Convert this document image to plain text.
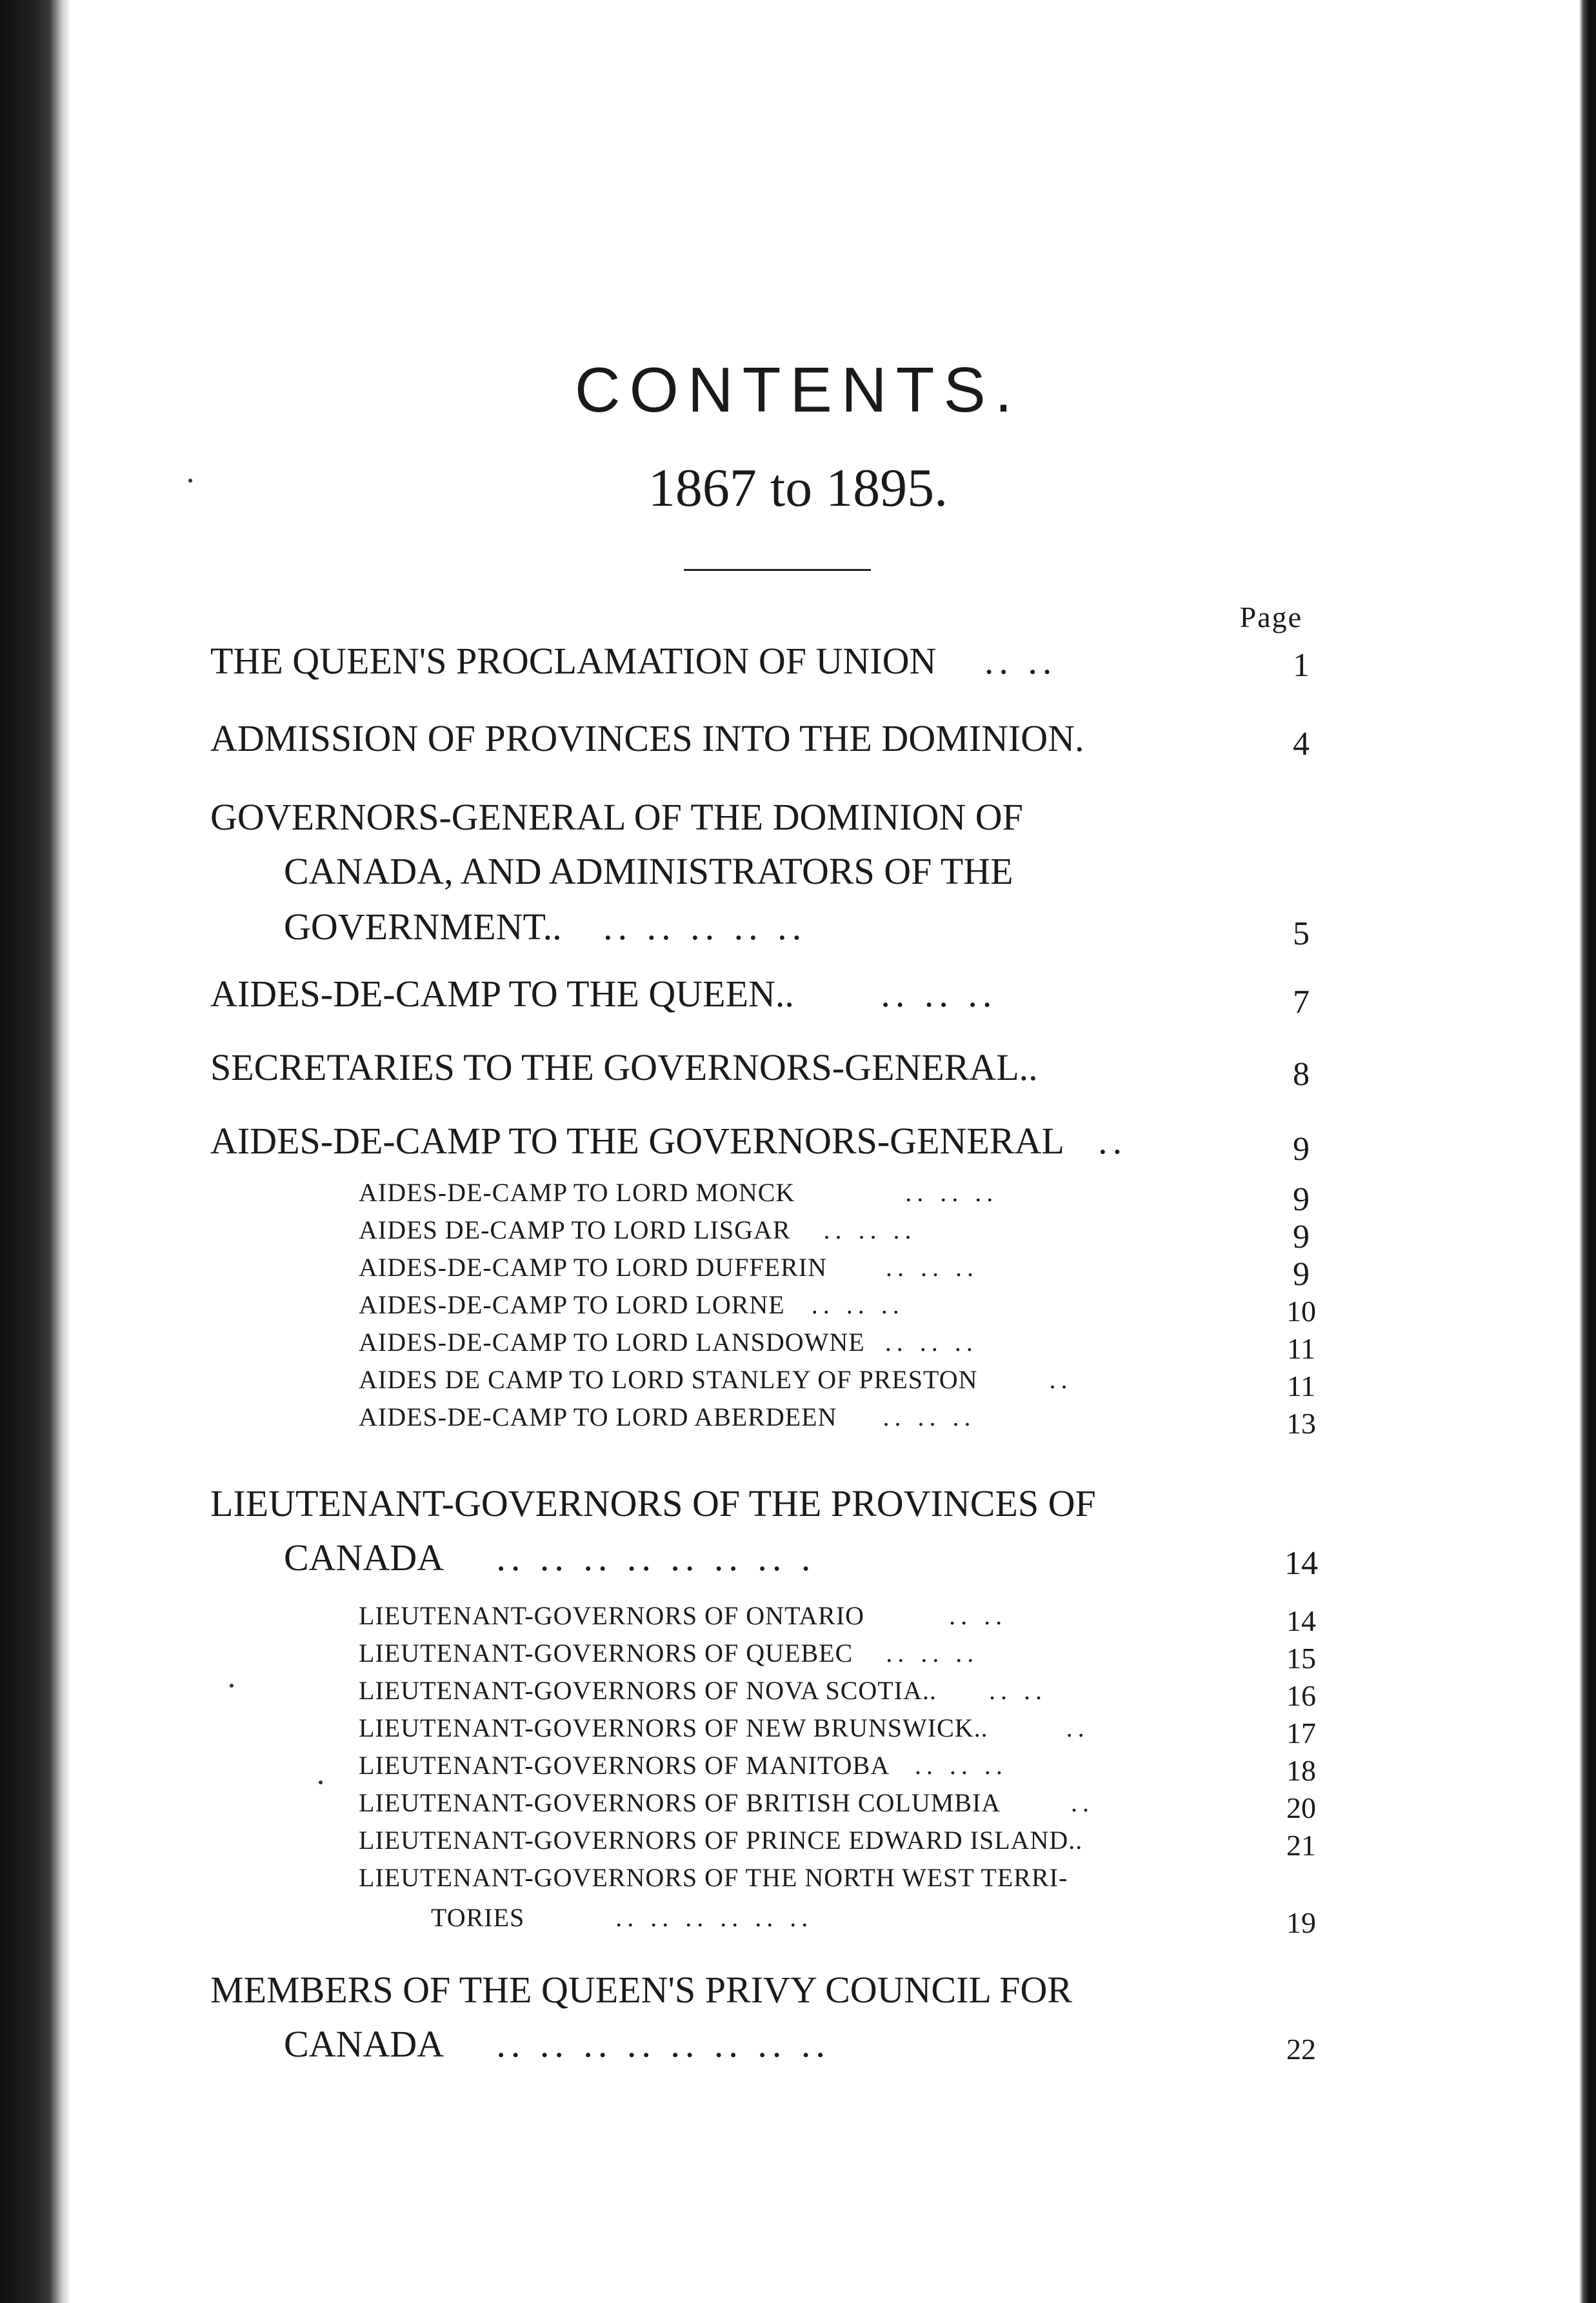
CONTENTS.
1867 to 1895.
Page
THE QUEEN'S PROCLAMATION OF UNION .. ..	1
ADMISSION OF PROVINCES INTO THE DOMINION.	4
GOVERNORS-GENERAL OF THE DOMINION OF
CANADA, AND ADMINISTRATORS OF THE
GOVERNMENT.. .. .. .. .. ..	5
AIDES-DE-CAMP TO THE QUEEN.. .. .. ..	7
SECRETARIES TO THE GOVERNORS-GENERAL..	8
AIDES-DE-CAMP TO THE GOVERNORS-GENERAL ..	9
AIDES-DE-CAMP TO LORD MONCK	.. .. ..	9
AIDES DE-CAMP TO LORD LISGAR .. .. ..	9
AIDES-DE-CAMP TO LORD DUFFERIN .. .. ..	9
AIDES-DE-CAMP TO LORD LORNE .. .. ..	10
AIDES-DE-CAMP TO LORD LANSDOWNE .. .. ..	11
AIDES DE CAMP TO LORD STANLEY OF PRESTON	..	11
AIDES-DE-CAMP TO LORD ABERDEEN .. .. ..	13
LIEUTENANT-GOVERNORS OF THE PROVINCES OF
CANADA .. .. .. .. .. .. .. .	14
LIEUTENANT-GOVERNORS OF ONTARIO	.. ..	14
LIEUTENANT-GOVERNORS OF QUEBEC .. .. ..	15
LIEUTENANT-GOVERNORS OF NOVA SCOTIA.. .. ..	16
LIEUTENANT-GOVERNORS OF NEW BRUNSWICK..	..	17
LIEUTENANT-GOVERNORS OF MANITOBA .. .. ..	18
LIEUTENANT-GOVERNORS OF BRITISH COLUMBIA	..	20
LIEUTENANT-GOVERNORS OF PRINCE EDWARD ISLAND..	21
LIEUTENANT-GOVERNORS OF THE NORTH WEST TERRI-
TORIES	.. .. .. .. .. ..	19
MEMBERS OF THE QUEEN'S PRIVY COUNCIL FOR
CANADA .. .. .. .. .. .. .. ..	22
